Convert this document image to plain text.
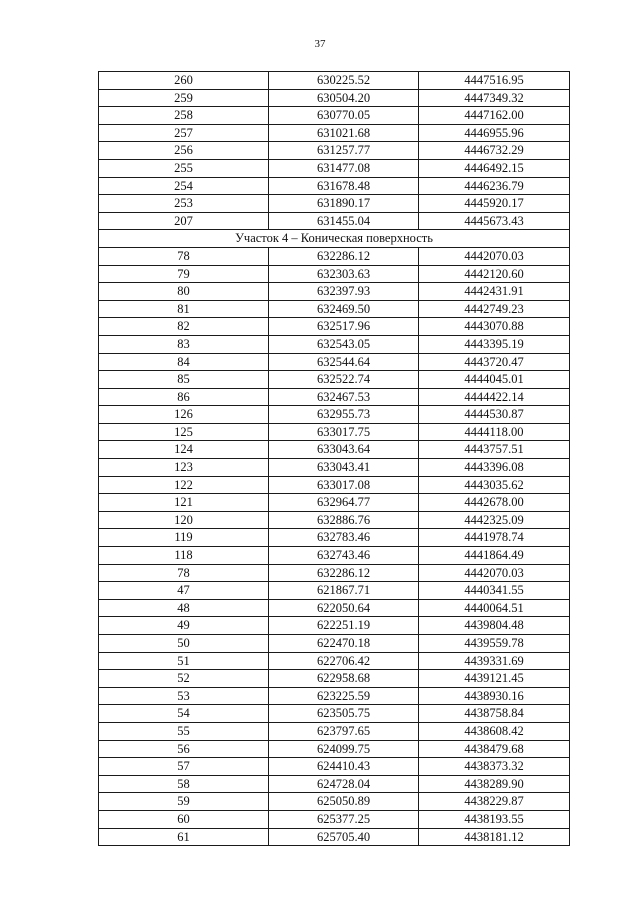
37
260	630225.52	4447516.95
259	630504.20	4447349.32
258	630770.05	4447162.00
257	631021.68	4446955.96
256	631257.77	4446732.29
255	631477.08	4446492.15
254	631678.48	4446236.79
253	631890.17	4445920.17
207	631455.04	4445673.43
Участок 4 – Коническая поверхность		
78	632286.12	4442070.03
79	632303.63	4442120.60
80	632397.93	4442431.91
81	632469.50	4442749.23
82	632517.96	4443070.88
83	632543.05	4443395.19
84	632544.64	4443720.47
85	632522.74	4444045.01
86	632467.53	4444422.14
126	632955.73	4444530.87
125	633017.75	4444118.00
124	633043.64	4443757.51
123	633043.41	4443396.08
122	633017.08	4443035.62
121	632964.77	4442678.00
120	632886.76	4442325.09
119	632783.46	4441978.74
118	632743.46	4441864.49
78	632286.12	4442070.03
47	621867.71	4440341.55
48	622050.64	4440064.51
49	622251.19	4439804.48
50	622470.18	4439559.78
51	622706.42	4439331.69
52	622958.68	4439121.45
53	623225.59	4438930.16
54	623505.75	4438758.84
55	623797.65	4438608.42
56	624099.75	4438479.68
57	624410.43	4438373.32
58	624728.04	4438289.90
59	625050.89	4438229.87
60	625377.25	4438193.55
61	625705.40	4438181.12
